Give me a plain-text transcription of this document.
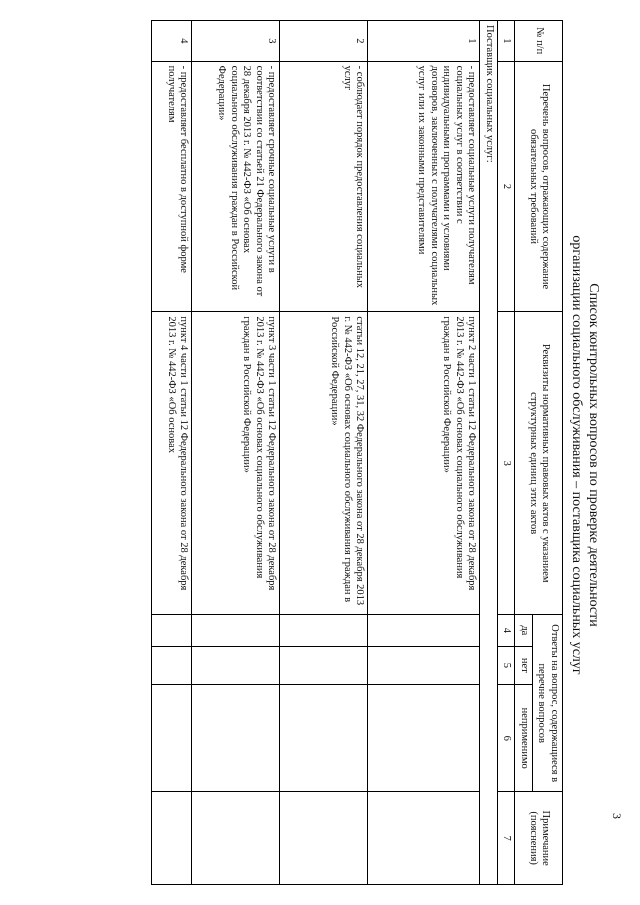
3
Список контрольных вопросов по проверке деятельности
организации социального обслуживания – поставщика социальных услуг
№ п/п	Перечень вопросов, отражающих содержание обязательных требований	Реквизиты нормативных правовых актов с указанием структурных единиц этих актов	Ответы на вопрос, содержащиеся в перечне вопросов			Примечание (пояснения)
			да	нет	неприменимо	
1	2	3	4	5	6	7
Поставщик социальных услуг:						
1	- предоставляет социальные услуги получателям социальных услуг в соответствии с индивидуальными программами и условиями договоров, заключенных с получателями социальных услуг или их законными представителями	пункт 2 части 1 статьи 12 Федерального закона от 28 декабря 2013 г. № 442-ФЗ «Об основах социального обслуживания граждан в Российской Федерации»				
2	- соблюдает порядок предоставления социальных услуг	статьи 12, 21, 27, 31, 32 Федерального закона от 28 декабря 2013 г. № 442-ФЗ «Об основах социального обслуживания граждан в Российской Федерации»				
3	- предоставляет срочные социальные услуги в соответствии со статьей 21 Федерального закона от 28 декабря 2013 г. № 442-ФЗ «Об основах социального обслуживания граждан в Российской Федерации»	пункт 3 части 1 статьи 12 Федерального закона от 28 декабря 2013 г. № 442-ФЗ «Об основах социального обслуживания граждан в Российской Федерации»				
4	- предоставляет бесплатно в доступной форме получателям	пункт 4 части 1 статьи 12 Федерального закона от 28 декабря 2013 г. № 442-ФЗ «Об основах				
